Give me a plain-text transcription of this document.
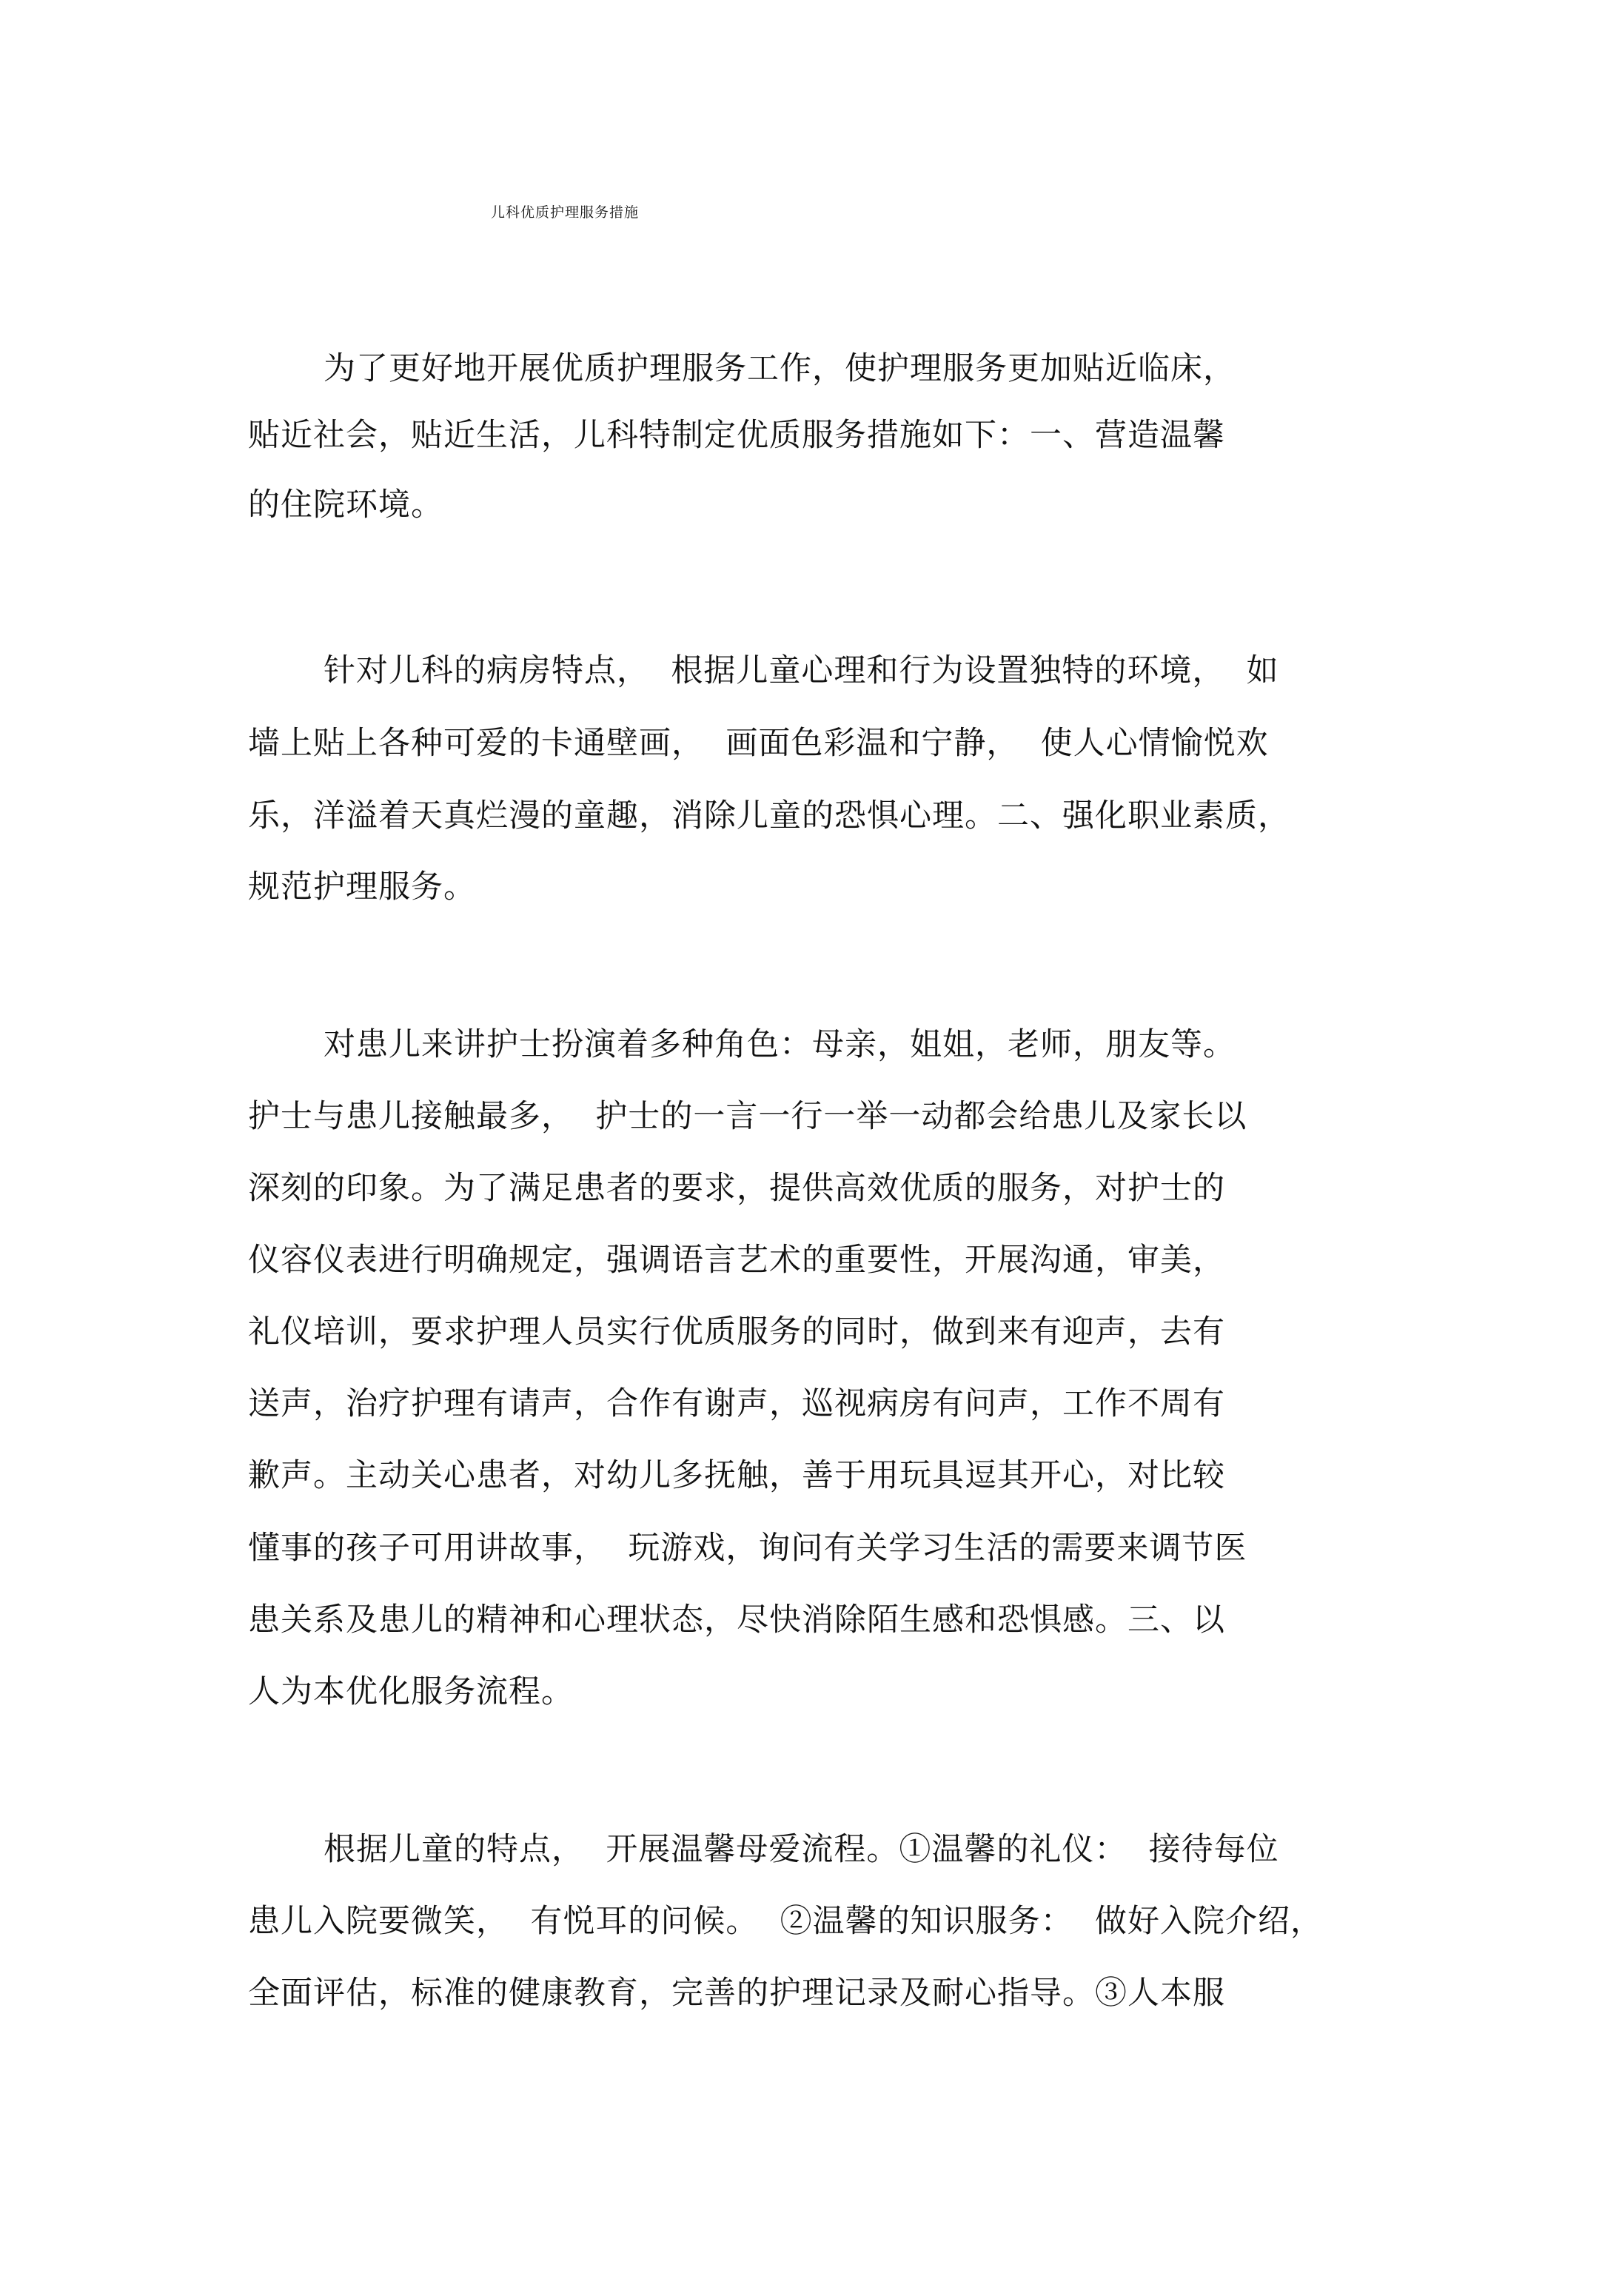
儿科优质护理服务措施
为了更好地开展优质护理服务工作，使护理服务更加贴近临床，
贴近社会，贴近生活，儿科特制定优质服务措施如下：一、营造温馨
的住院环境。
针对儿科的病房特点，  根据儿童心理和行为设置独特的环境，  如
墙上贴上各种可爱的卡通壁画，  画面色彩温和宁静，  使人心情愉悦欢
乐，洋溢着天真烂漫的童趣，消除儿童的恐惧心理。二、强化职业素质，
规范护理服务。
对患儿来讲护士扮演着多种角色：母亲，姐姐，老师，朋友等。
护士与患儿接触最多，  护士的一言一行一举一动都会给患儿及家长以
深刻的印象。为了满足患者的要求，提供高效优质的服务，对护士的
仪容仪表进行明确规定，强调语言艺术的重要性，开展沟通，审美，
礼仪培训，要求护理人员实行优质服务的同时，做到来有迎声，去有
送声，治疗护理有请声，合作有谢声，巡视病房有问声，工作不周有
歉声。主动关心患者，对幼儿多抚触，善于用玩具逗其开心，对比较
懂事的孩子可用讲故事，  玩游戏，询问有关学习生活的需要来调节医
患关系及患儿的精神和心理状态，尽快消除陌生感和恐惧感。三、以
人为本优化服务流程。
根据儿童的特点，  开展温馨母爱流程。①温馨的礼仪：  接待每位
患儿入院要微笑，  有悦耳的问候。  ②温馨的知识服务：  做好入院介绍，
全面评估，标准的健康教育，完善的护理记录及耐心指导。③人本服
